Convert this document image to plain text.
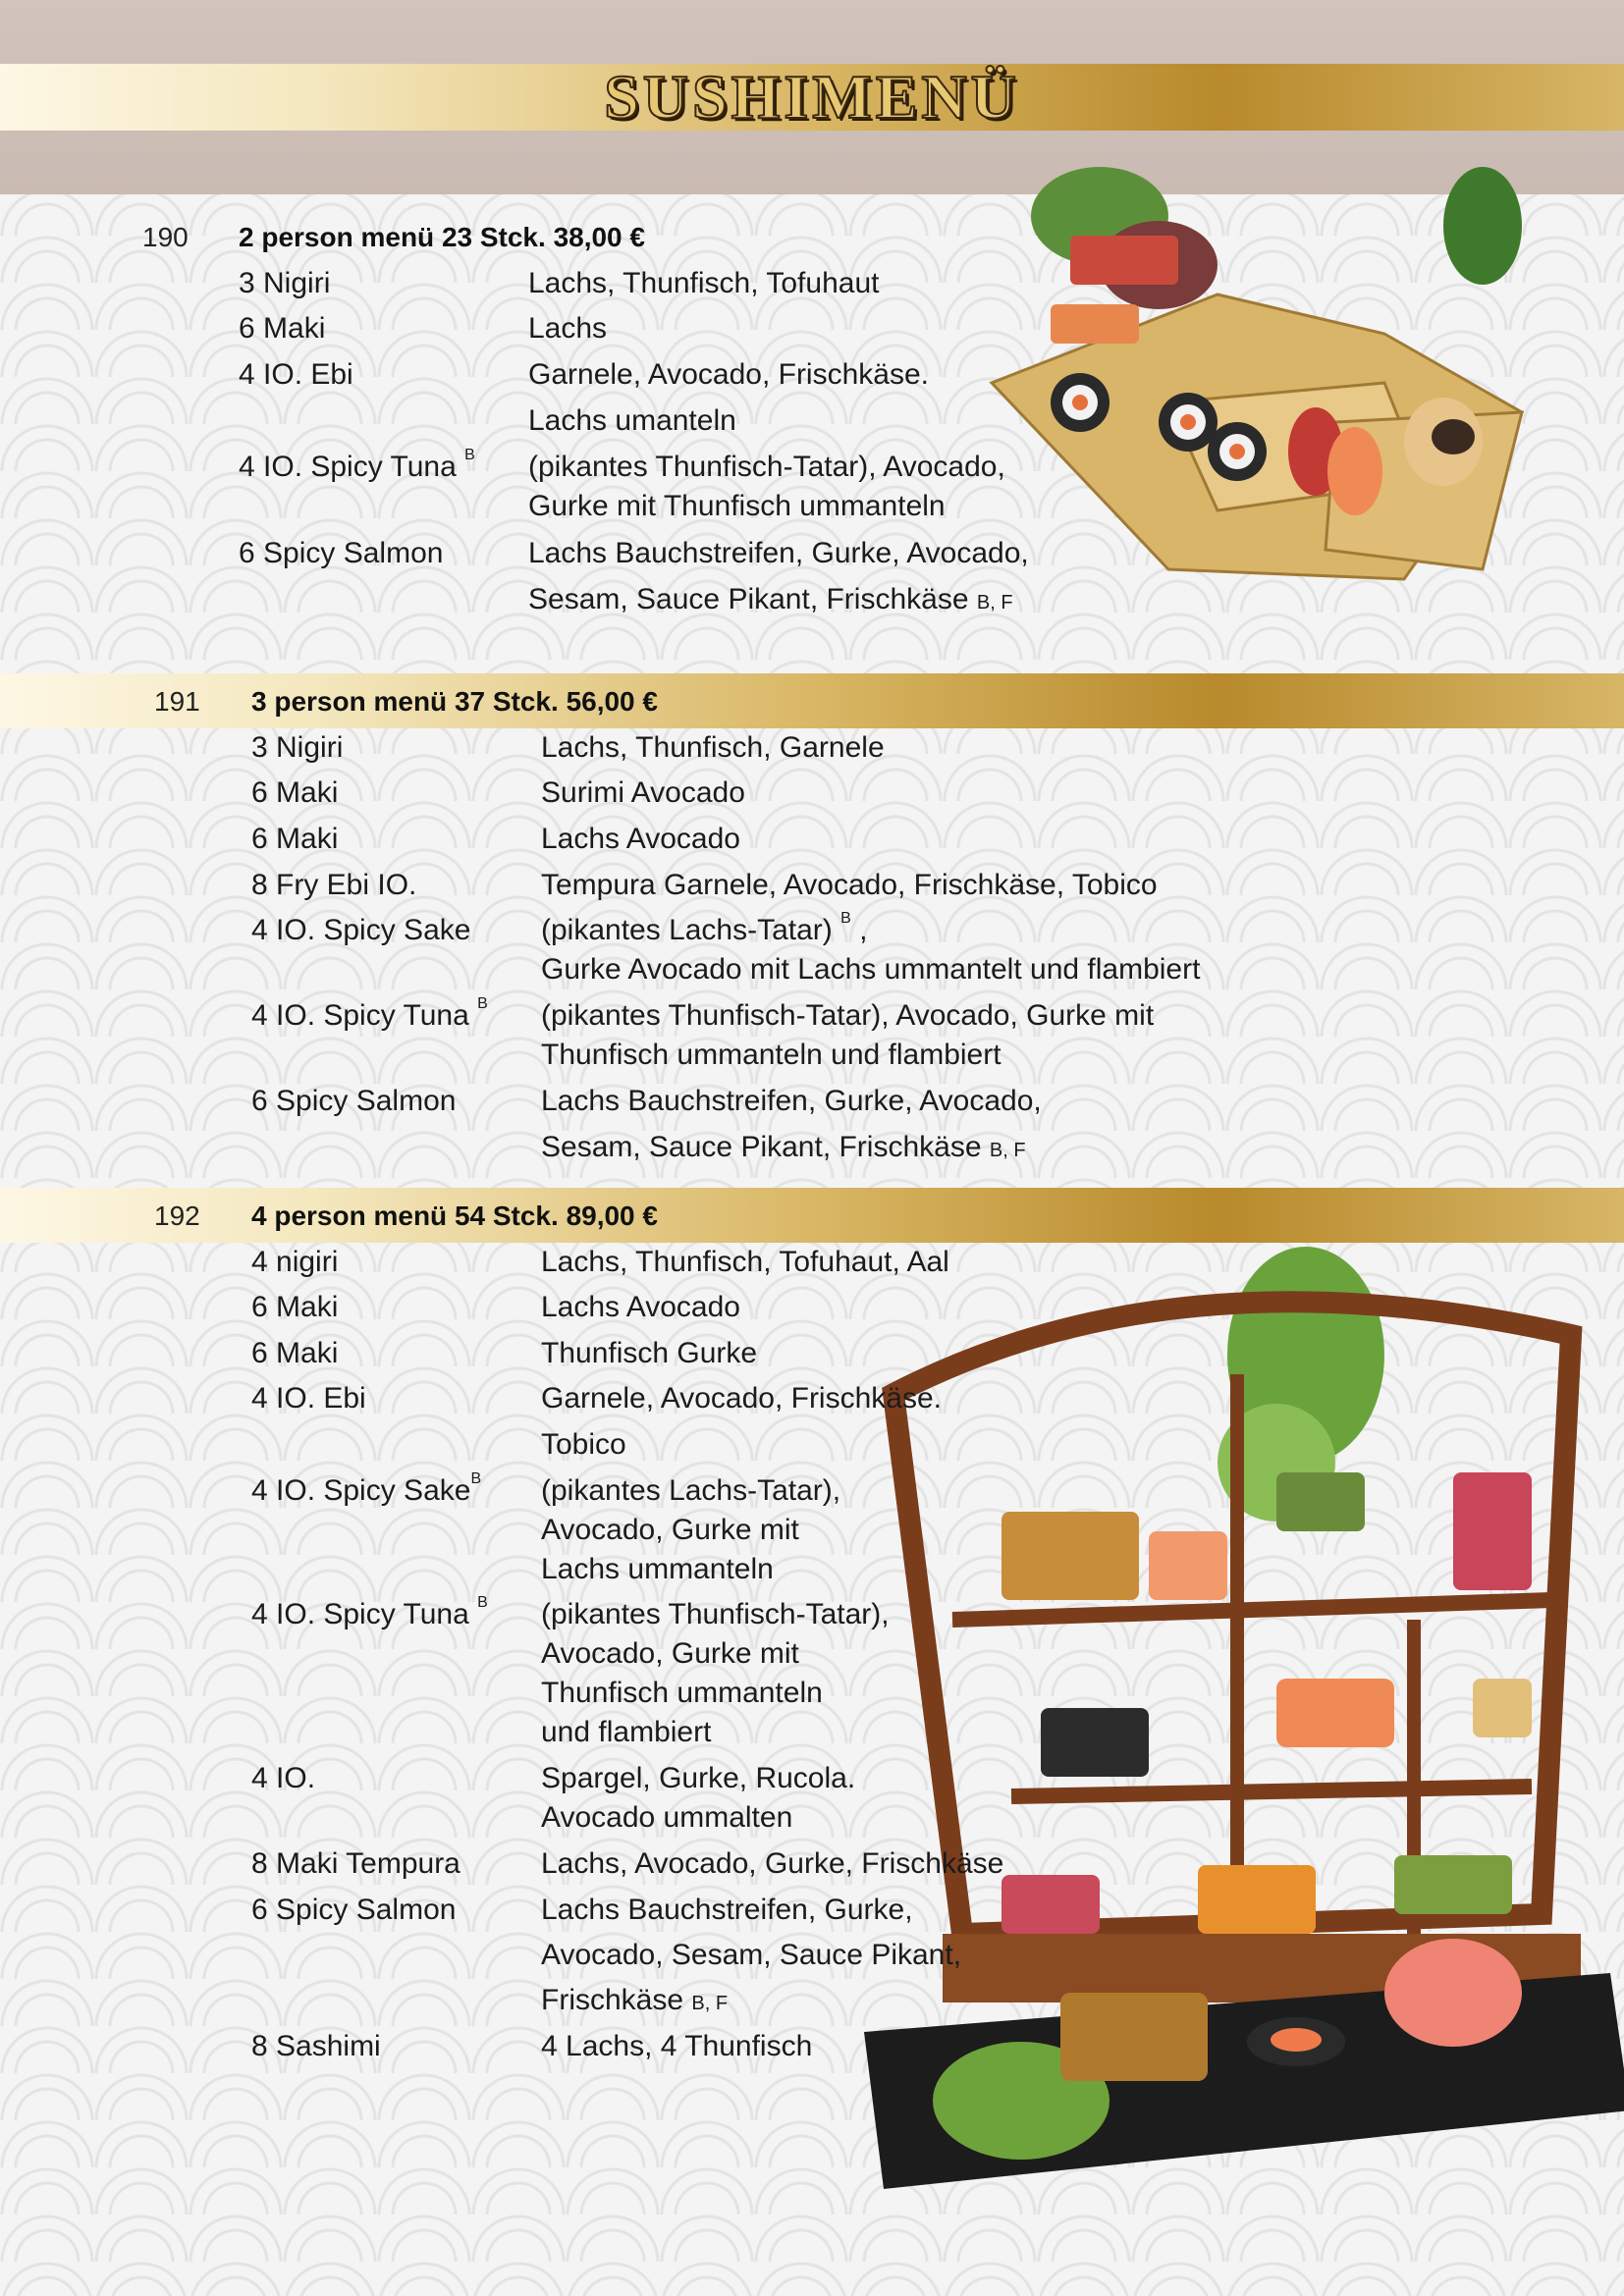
SUSHIMENÜ
190 2 person menü 23 Stck. 38,00 €
3 Nigiri	Lachs, Thunfisch, Tofuhaut
6 Maki	Lachs
4 IO. Ebi	Garnele, Avocado, Frischkäse.
Lachs umanteln
4 IO. Spicy Tuna $^B$ (pikantes Thunfisch-Tatar), Avocado,
Gurke mit Thunfisch ummanteln
6 Spicy Salmon	Lachs Bauchstreifen, Gurke, Avocado,
Sesam, Sauce Pikant, Frischkäse B, F
191 3 person menü 37 Stck. 56,00 €
3 Nigiri	Lachs, Thunfisch, Garnele
6 Maki	Surimi Avocado
6 Maki	Lachs Avocado
8 Fry Ebi IO.	Tempura Garnele, Avocado, Frischkäse, Tobico
4 IO. Spicy Sake (pikantes Lachs-Tatar) $^B$ ,
Gurke Avocado mit Lachs ummantelt und flambiert
4 IO. Spicy Tuna $^B$ (pikantes Thunfisch-Tatar), Avocado, Gurke mit
Thunfisch ummanteln und flambiert
6 Spicy Salmon	Lachs Bauchstreifen, Gurke, Avocado,
Sesam, Sauce Pikant, Frischkäse B, F
192 4 person menü 54 Stck. 89,00 €
4 nigiri	Lachs, Thunfisch, Tofuhaut, Aal
6 Maki	Lachs Avocado
6 Maki	Thunfisch Gurke
4 IO. Ebi	Garnele, Avocado, Frischkäse.
Tobico
4 IO. Spicy Sake$^B$ (pikantes Lachs-Tatar),
Avocado, Gurke mit
Lachs ummanteln
4 IO. Spicy Tuna $^B$ (pikantes Thunfisch-Tatar),
Avocado, Gurke mit
Thunfisch ummanteln
und flambiert
4 IO.	Spargel, Gurke, Rucola.
Avocado ummalten
8 Maki Tempura	Lachs, Avocado, Gurke, Frischkäse
6 Spicy Salmon	Lachs Bauchstreifen, Gurke,
Avocado, Sesam, Sauce Pikant,
Frischkäse B, F
8 Sashimi	4 Lachs, 4 Thunfisch
